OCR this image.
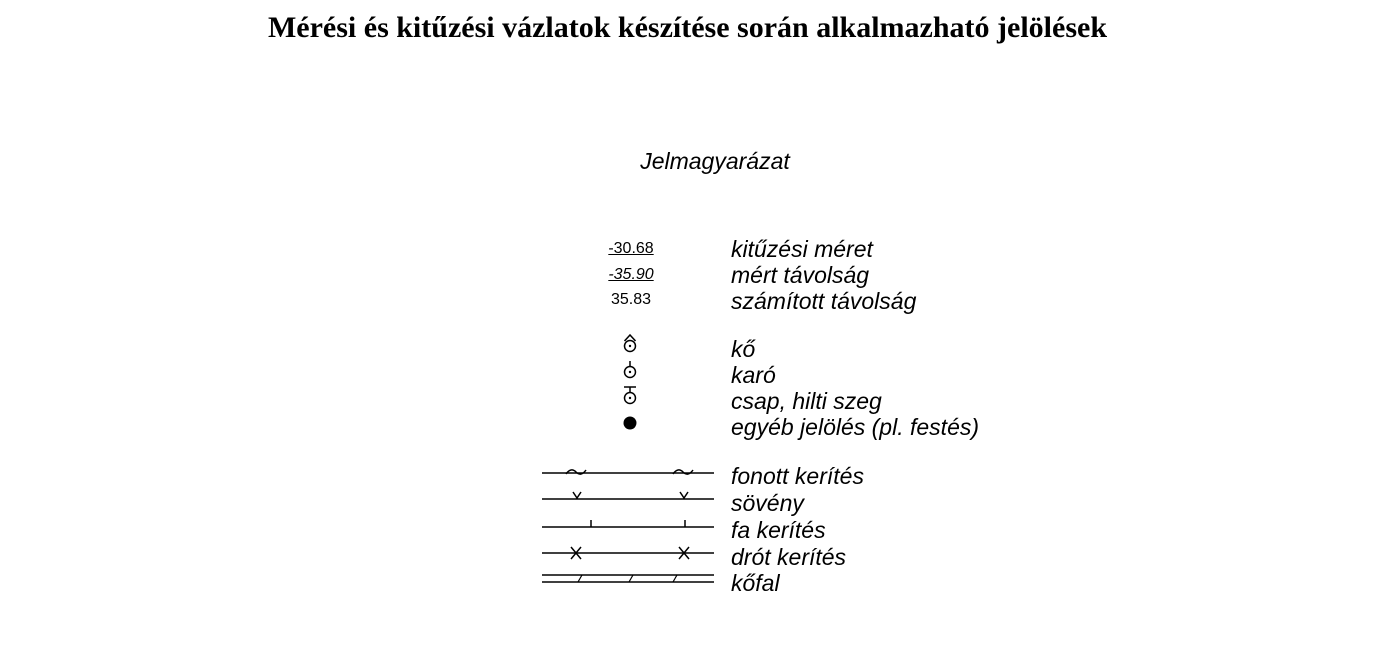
Mérési és kitűzési vázlatok készítése során alkalmazható jelölések
Jelmagyarázat
-30.68
-35.90
35.83
kitűzési méret
mért távolság
számított távolság
kő
karó
csap, hilti szeg
egyéb jelölés (pl. festés)
fonott kerítés
sövény
fa kerítés
drót kerítés
kőfal
